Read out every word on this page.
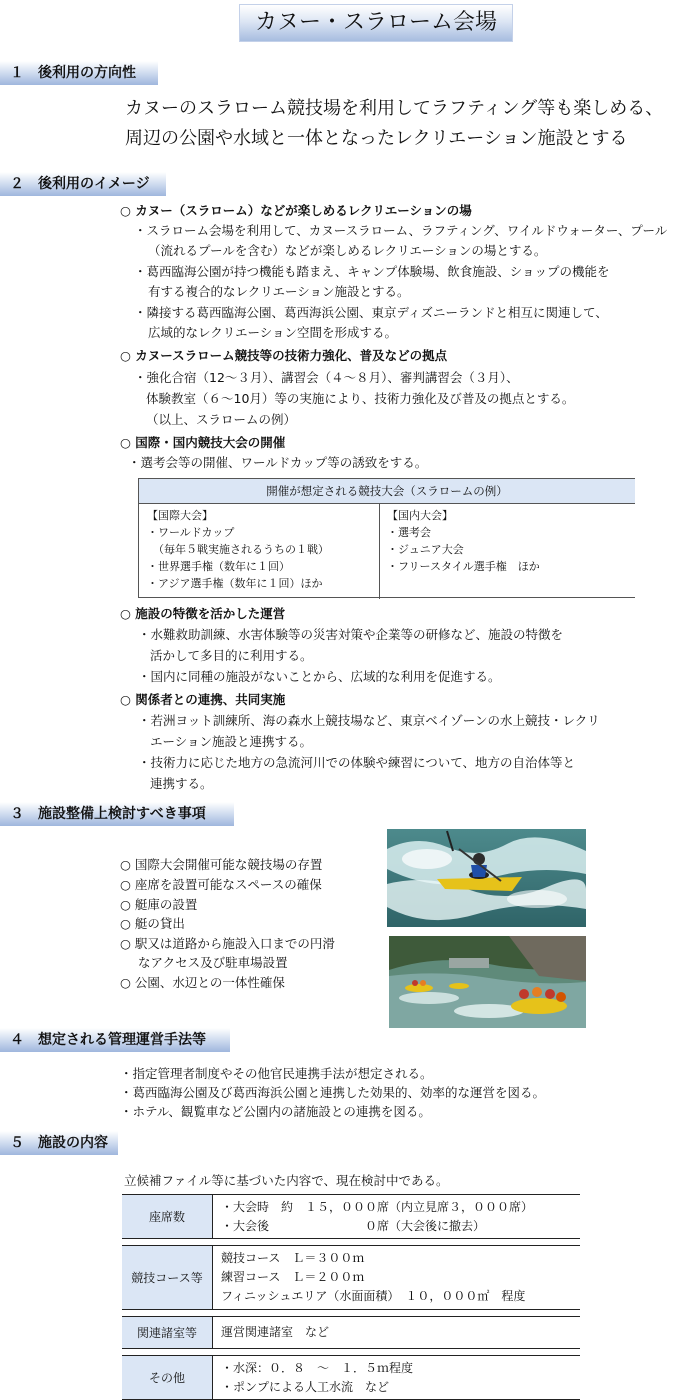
カヌー・スラローム会場
１　後利用の方向性
カヌーのスラローム競技場を利用してラフティング等も楽しめる、
周辺の公園や水域と一体となったレクリエーション施設とする
２　後利用のイメージ
○ カヌー（スラローム）などが楽しめるレクリエーションの場
・スラローム会場を利用して、カヌースラローム、ラフティング、ワイルドウォーター、プール
（流れるプールを含む）などが楽しめるレクリエーションの場とする。
・葛西臨海公園が持つ機能も踏まえ、キャンプ体験場、飲食施設、ショップの機能を
有する複合的なレクリエーション施設とする。
・隣接する葛西臨海公園、葛西海浜公園、東京ディズニーランドと相互に関連して、
広域的なレクリエーション空間を形成する。
○ カヌースラローム競技等の技術力強化、普及などの拠点
・強化合宿（12～３月）、講習会（４～８月）、審判講習会（３月）、
体験教室（６～10月）等の実施により、技術力強化及び普及の拠点とする。
（以上、スラロームの例）
○ 国際・国内競技大会の開催
・選考会等の開催、ワールドカップ等の誘致をする。
開催が想定される競技大会（スラロームの例）
【国際大会】
・ワールドカップ
（毎年５戦実施されるうちの１戦）
・世界選手権（数年に１回）
・アジア選手権（数年に１回）ほか
【国内大会】
・選考会
・ジュニア大会
・フリースタイル選手権　ほか
○ 施設の特徴を活かした運営
・水難救助訓練、水害体験等の災害対策や企業等の研修など、施設の特徴を
活かして多目的に利用する。
・国内に同種の施設がないことから、広域的な利用を促進する。
○ 関係者との連携、共同実施
・若洲ヨット訓練所、海の森水上競技場など、東京ベイゾーンの水上競技・レクリ
エーション施設と連携する。
・技術力に応じた地方の急流河川での体験や練習について、地方の自治体等と
連携する。
３　施設整備上検討すべき事項
○ 国際大会開催可能な競技場の存置
○ 座席を設置可能なスペースの確保
○ 艇庫の設置
○ 艇の貸出
○ 駅又は道路から施設入口までの円滑
なアクセス及び駐車場設置
○ 公園、水辺との一体性確保
４　想定される管理運営手法等
・指定管理者制度やその他官民連携手法が想定される。
・葛西臨海公園及び葛西海浜公園と連携した効果的、効率的な運営を図る。
・ホテル、観覧車など公園内の諸施設との連携を図る。
５　施設の内容
立候補ファイル等に基づいた内容で、現在検討中である。
座席数	・大会時　約　１５，０００席（内立見席３，０００席）
・大会後　　　　　　　　０席（大会後に撤去）

競技コース等	競技コース　Ｌ＝３００ｍ
練習コース　Ｌ＝２００ｍ
フィニッシュエリア（水面面積）　１０，０００㎡　程度

関連諸室等	運営関連諸室　など

その他	・水深：０．８　～　１．５ｍ程度
・ポンプによる人工水流　など
